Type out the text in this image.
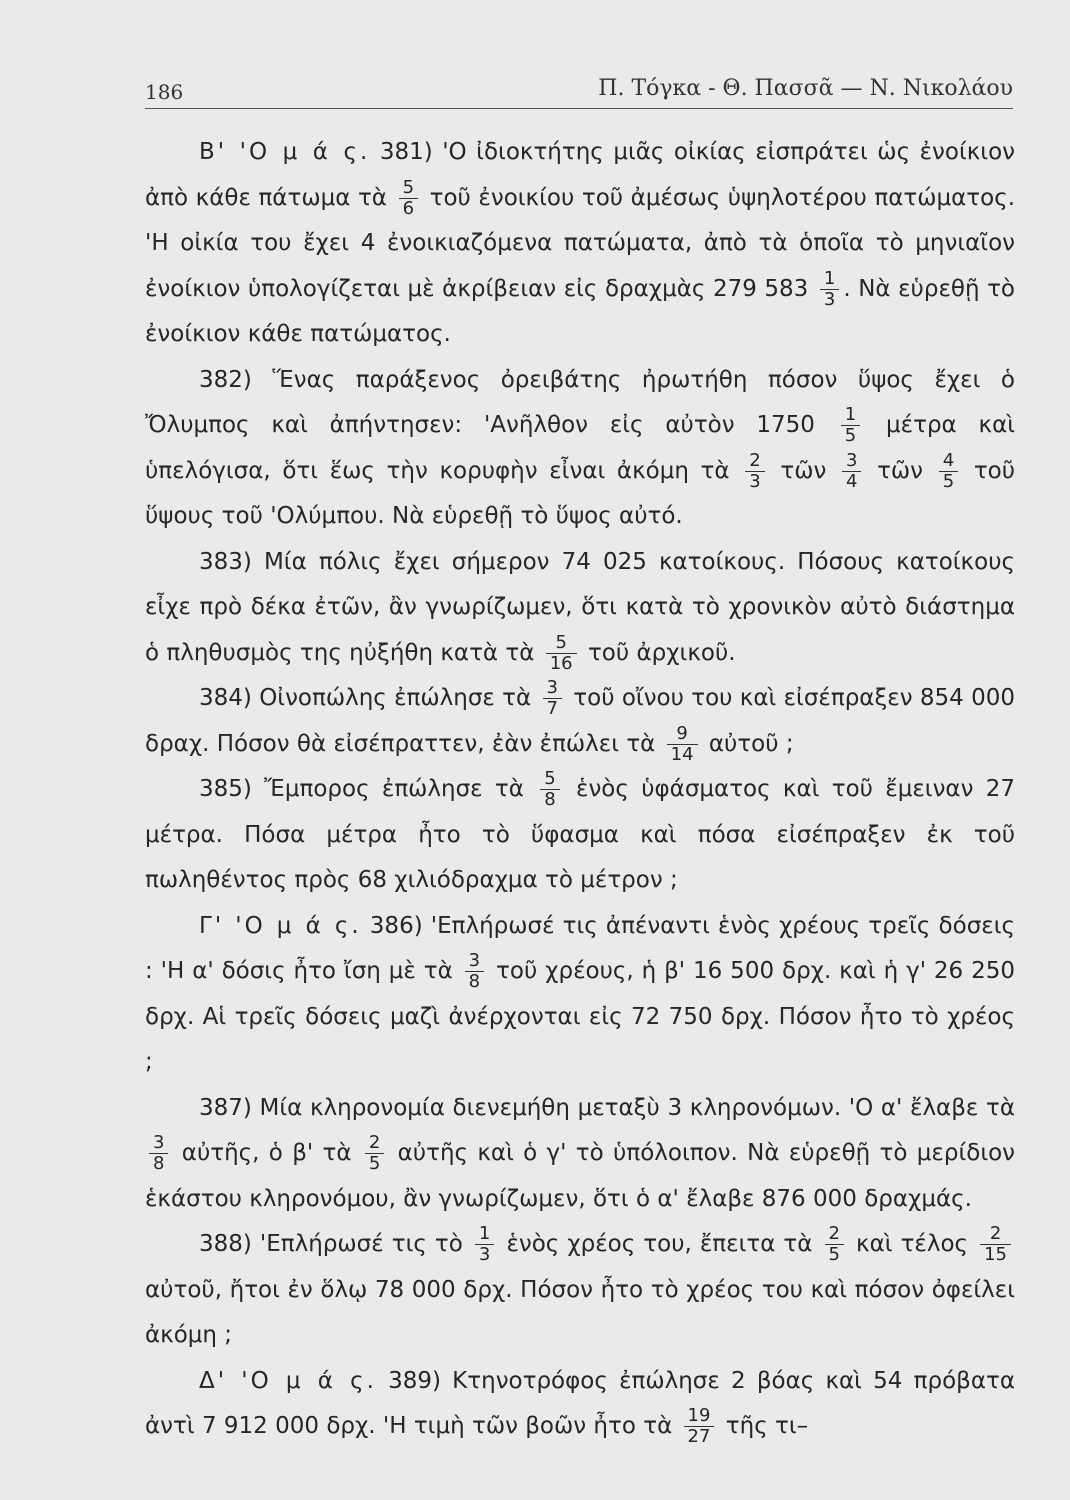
186	Π. Τόγκα - Θ. Πασσᾶ — Ν. Νικολάου

Β' 'Ο μ ά ς. 381) 'Ο ἰδιοκτήτης μιᾶς οἰκίας εἰσπράτει ὡς ἐνοίκιον ἀπὸ κάθε πάτωμα τὰ $\frac{5}{6}$ τοῦ ἐνοικίου τοῦ ἀμέσως ὑψηλοτέρου πατώματος. 'Η οἰκία του ἔχει 4 ἐνοικιαζόμενα πατώματα, ἀπὸ τὰ ὁποῖα τὸ μηνιαῖον ἐνοίκιον ὑπολογίζεται μὲ ἀκρίβειαν εἰς δραχμὰς 279 $583 \frac{1}{3}$ . Νὰ εὑρεθῇ τὸ ἐνοίκιον κάθε πατώματος.

382) Ἕνας παράξενος ὀρειβάτης ἠρωτήθη πόσον ὕψος ἔχει ὁ Ὄλυμπος καὶ ἀπήντησεν: 'Ανῆλθον εἰς αὐτὸν $1750 \frac{1}{5}$ μέτρα καὶ ὑπελόγισα, ὅτι ἕως τὴν κορυφὴν εἶναι ἀκόμη τὰ $\frac{2}{3}$ τῶν $\frac{3}{4}$ τῶν $\frac{4}{5}$ τοῦ ὕψους τοῦ 'Ολύμπου. Νὰ εὑρεθῇ τὸ ὕψος αὐτό.

383) Μία πόλις ἔχει σήμερον 74 025 κατοίκους. Πόσους κατοίκους εἶχε πρὸ δέκα ἐτῶν, ἂν γνωρίζωμεν, ὅτι κατὰ τὸ χρονικὸν αὐτὸ διάστημα ὁ πληθυσμὸς της ηὐξήθη κατὰ τὰ $\frac{5}{16}$ τοῦ ἀρχικοῦ.

384) Οἰνοπώλης ἐπώλησε τὰ $\frac{3}{7}$ τοῦ οἴνου του καὶ εἰσέπραξεν 854 000 δραχ. Πόσον θὰ εἰσέπραττεν, ἐὰν ἐπώλει τὰ $\frac{9}{14}$ αὐτοῦ ;

385) Ἔμπορος ἐπώλησε τὰ $\frac{5}{8}$ ἑνὸς ὑφάσματος καὶ τοῦ ἔμειναν 27 μέτρα. Πόσα μέτρα ἦτο τὸ ὕφασμα καὶ πόσα εἰσέπραξεν ἐκ τοῦ πωληθέντος πρὸς 68 χιλιόδραχμα τὸ μέτρον ;

Γ' 'Ο μ ά ς. 386) 'Επλήρωσέ τις ἀπέναντι ἑνὸς χρέους τρεῖς δόσεις : 'Η α' δόσις ἦτο ἴση μὲ τὰ $\frac{3}{8}$ τοῦ χρέους, ἡ β' 16 500 δρχ. καὶ ἡ γ' 26 250 δρχ. Αἱ τρεῖς δόσεις μαζὶ ἀνέρχονται εἰς 72 750 δρχ. Πόσον ἦτο τὸ χρέος ;

387) Μία κληρονομία διενεμήθη μεταξὺ 3 κληρονόμων. 'Ο α' ἔλαβε τὰ
$\frac{3}{8}$ αὐτῆς, ὁ β' τὰ $\frac{2}{5}$ αὐτῆς καὶ ὁ γ' τὸ ὑπόλοιπον. Νὰ εὑρεθῇ τὸ μερίδιον ἑκάστου κληρονόμου, ἂν γνωρίζωμεν, ὅτι ὁ α' ἔλαβε 876 000 δραχμάς.

388) 'Επλήρωσέ τις τὸ $\frac{1}{3}$ ἑνὸς χρέος του, ἔπειτα τὰ $\frac{2}{5}$ καὶ τέλος $\frac{2}{15}$
αὐτοῦ, ἤτοι ἐν ὅλῳ 78 000 δρχ. Πόσον ἦτο τὸ χρέος του καὶ πόσον ὀφείλει ἀκόμη ;

Δ' 'Ο μ ά ς. 389) Κτηνοτρόφος ἐπώλησε 2 βόας καὶ 54 πρόβατα ἀντὶ 7 912 000 δρχ. 'Η τιμὴ τῶν βοῶν ἦτο τὰ $\frac{19}{27}$ τῆς τι–
